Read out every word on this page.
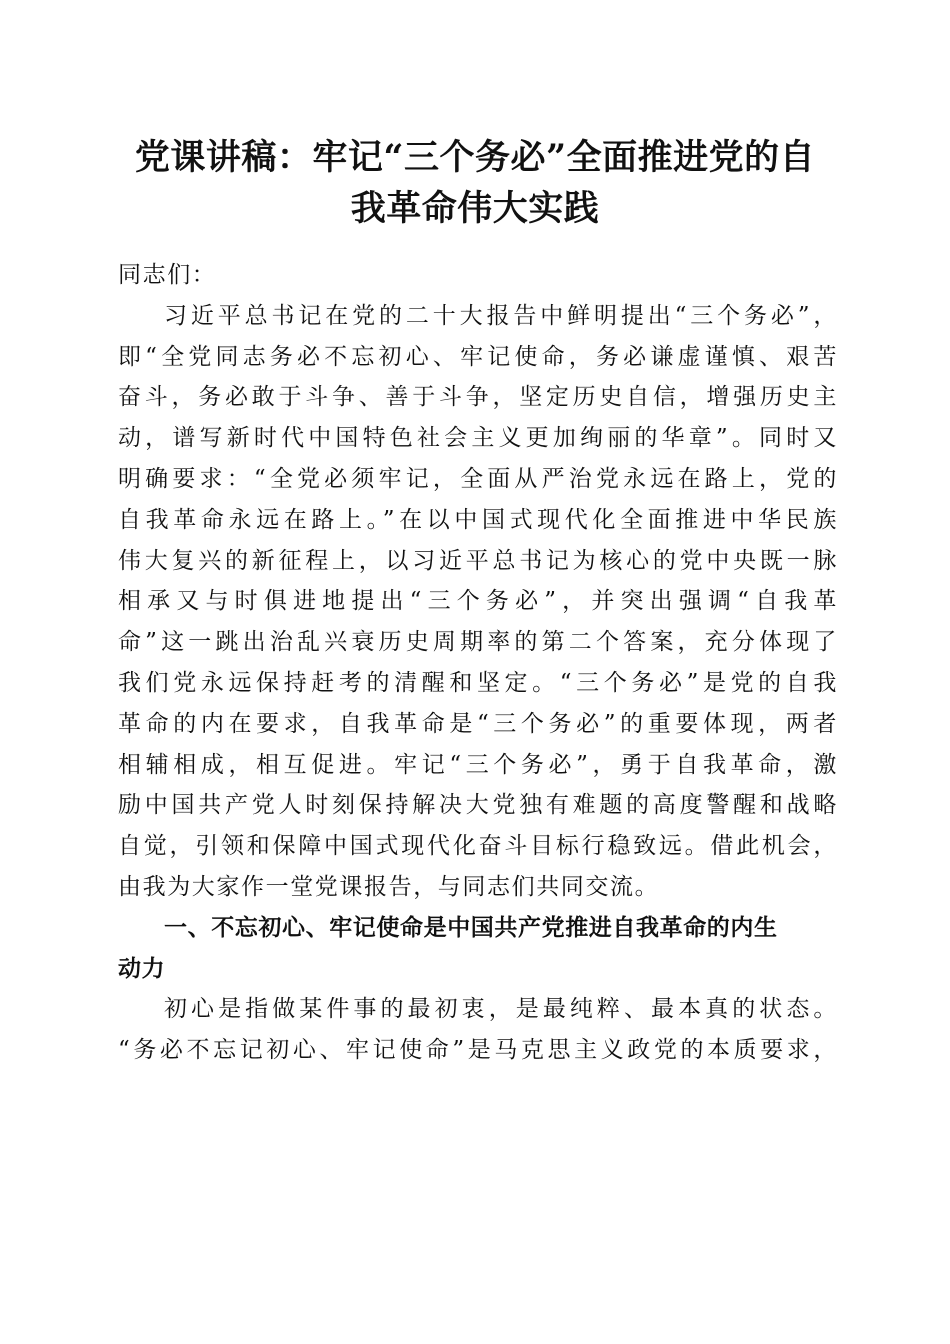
党课讲稿：牢记“三个务必”全面推进党的自
我革命伟大实践
同志们：
习近平总书记在党的二十大报告中鲜明提出“三个务必”，
即“全党同志务必不忘初心、牢记使命，务必谦虚谨慎、艰苦
奋斗，务必敢于斗争、善于斗争，坚定历史自信，增强历史主
动，谱写新时代中国特色社会主义更加绚丽的华章”。同时又
明确要求：“全党必须牢记，全面从严治党永远在路上，党的
自我革命永远在路上。”在以中国式现代化全面推进中华民族
伟大复兴的新征程上，以习近平总书记为核心的党中央既一脉
相承又与时俱进地提出“三个务必”，并突出强调“自我革
命”这一跳出治乱兴衰历史周期率的第二个答案，充分体现了
我们党永远保持赶考的清醒和坚定。“三个务必”是党的自我
革命的内在要求，自我革命是“三个务必”的重要体现，两者
相辅相成，相互促进。牢记“三个务必”，勇于自我革命，激
励中国共产党人时刻保持解决大党独有难题的高度警醒和战略
自觉，引领和保障中国式现代化奋斗目标行稳致远。借此机会，
由我为大家作一堂党课报告，与同志们共同交流。
一、不忘初心、牢记使命是中国共产党推进自我革命的内生
动力
初心是指做某件事的最初衷，是最纯粹、最本真的状态。
“务必不忘记初心、牢记使命”是马克思主义政党的本质要求，
